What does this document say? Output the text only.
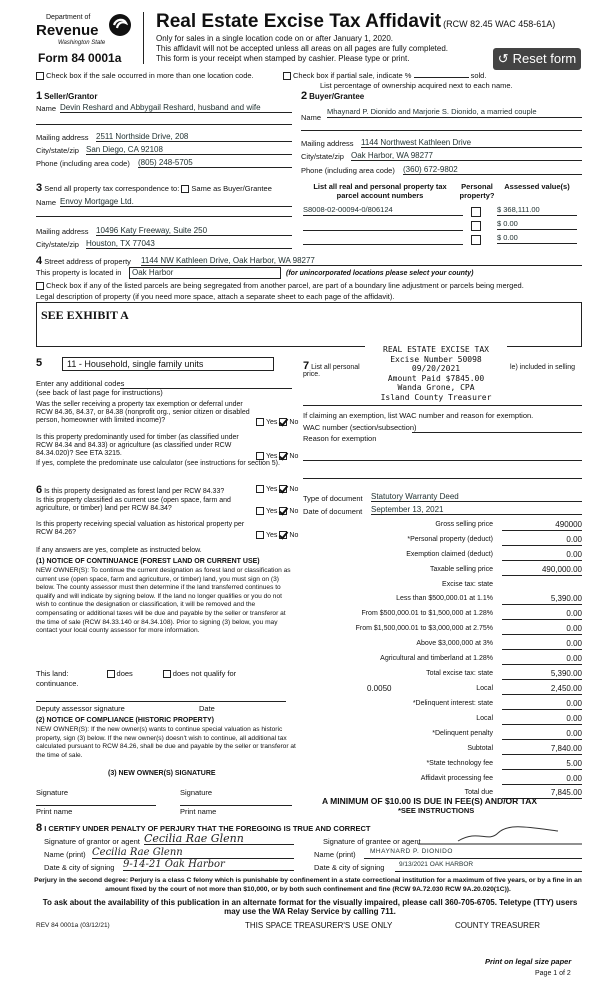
Department of
Revenue
Washington State
Form 84 0001a
Real Estate Excise Tax Affidavit (RCW 82.45 WAC 458-61A)
Only for sales in a single location code on or after January 1, 2020.
This affidavit will not be accepted unless all areas on all pages are fully completed.
This form is your receipt when stamped by cashier. Please type or print.	↺ Reset form
Check box if the sale occurred in more than one location code.	Check box if partial sale, indicate %	sold.
List percentage of ownership acquired next to each name.
1 Seller/Grantor
Name Devin Reshard and Abbygail Reshard, husband and wife
Mailing address 2511 Northside Drive, 208
City/state/zip San Diego, CA 92108
Phone (including area code) (805) 248-5705
2 Buyer/Grantee
Name
Mhaynard P. Dionido and Marjorie S. Dionido, a married couple
Mailing address 1144 Northwest Kathleen Drive
City/state/zip Oak Harbor, WA 98277
Phone (including area code) (360) 672-9802
3 Send all property tax correspondence to: Same as Buyer/Grantee
Name Envoy Mortgage Ltd.
Mailing address 10496 Katy Freeway, Suite 250
City/state/zip Houston, TX 77043
List all real and personal property tax parcel account numbers
Personal property?
Assessed value(s)
S8008-02-00094-0/806124	$ 368,111.00
$ 0.00
$ 0.00
4 Street address of property 1144 NW Kathleen Drive, Oak Harbor, WA 98277
This property is located in	Oak Harbor	(for unincorporated locations please select your county)
Check box if any of the listed parcels are being segregated from another parcel, are part of a boundary line adjustment or parcels being merged.
Legal description of property (if you need more space, attach a separate sheet to each page of the affidavit).
SEE EXHIBIT A
5	11 - Household, single family units
Enter any additional codes
(see back of last page for instructions)
Was the seller receiving a property tax exemption or deferral under RCW 84.36, 84.37, or 84.38 (nonprofit org., senior citizen or disabled person, homeowner with limited income)?	Yes No
Is this property predominantly used for timber (as classified under RCW 84.34 and 84.33) or agriculture (as classified under RCW 84.34.020)? See ETA 3215.	Yes No
If yes, complete the predominate use calculator (see instructions for section 5).
7 List all personal
price.
le) included in selling
REAL ESTATE EXCISE TAX
Excise Number 50098
09/20/2021
Amount Paid $7845.00
Wanda Grone, CPA
Island County Treasurer
If claiming an exemption, list WAC number and reason for exemption.
WAC number (section/subsection)
Reason for exemption
Type of document Statutory Warranty Deed
Date of document September 13, 2021
6 Is this property designated as forest land per RCW 84.33?	Yes No
Is this property classified as current use (open space, farm and agriculture, or timber) land per RCW 84.34?	Yes No
Is this property receiving special valuation as historical property per RCW 84.26?	Yes No
If any answers are yes, complete as instructed below.
(1) NOTICE OF CONTINUANCE (FOREST LAND OR CURRENT USE)
NEW OWNER(S): To continue the current designation as forest land or classification as current use (open space, farm and agriculture, or timber) land, you must sign on (3) below. The county assessor must then determine if the land transferred continues to qualify and will indicate by signing below. If the land no longer qualifies or you do not wish to continue the designation or classification, it will be removed and the compensating or additional taxes will be due and payable by the seller or transferor at the time of sale (RCW 84.33.140 or 84.34.108). Prior to signing (3) below, you may contact your local county assessor for more information.
This land:	does	does not qualify for
continuance.
Deputy assessor signature	Date
(2) NOTICE OF COMPLIANCE (HISTORIC PROPERTY)
NEW OWNER(S): If the new owner(s) wants to continue special valuation as historic property, sign (3) below. If the new owner(s) doesn't wish to continue, all additional tax calculated pursuant to RCW 84.26, shall be due and payable by the seller or transferor at the time of sale.
(3) NEW OWNER(S) SIGNATURE
Signature	Signature
Print name	Print name
Gross selling price	490000
*Personal property (deduct)	0.00
Exemption claimed (deduct)	0.00
Taxable selling price	490,000.00
Excise tax: state
Less than $500,000.01 at 1.1%	5,390.00
From $500,000.01 to $1,500,000 at 1.28%	0.00
From $1,500,000.01 to $3,000,000 at 2.75%	0.00
Above $3,000,000 at 3%	0.00
Agricultural and timberland at 1.28%	0.00
Total excise tax: state	5,390.00
Local	2,450.00
0.0050
*Delinquent interest: state	0.00
Local	0.00
*Delinquent penalty	0.00
Subtotal	7,840.00
*State technology fee	5.00
Affidavit processing fee	0.00
Total due	7,845.00
A MINIMUM OF $10.00 IS DUE IN FEE(S) AND/OR TAX
*SEE INSTRUCTIONS
8 I CERTIFY UNDER PENALTY OF PERJURY THAT THE FOREGOING IS TRUE AND CORRECT
Signature of grantor or agent Cecilia Rae Glenn
Name (print) Cecilia Rae Glenn
Date & city of signing 9-14-21 Oak Harbor
Signature of grantee or agent
Name (print)	MHAYNARD P. DIONIDO
Date & city of signing	9/13/2021 OAK HARBOR
Perjury in the second degree: Perjury is a class C felony which is punishable by confinement in a state correctional institution for a maximum of five years, or by a fine in an amount fixed by the court of not more than $10,000, or by both such confinement and fine (RCW 9A.72.030 RCW 9A.20.020(1C)).
To ask about the availability of this publication in an alternate format for the visually impaired, please call 360-705-6705. Teletype (TTY) users may use the WA Relay Service by calling 711.
REV 84 0001a (03/12/21)	THIS SPACE TREASURER'S USE ONLY	COUNTY TREASURER
Print on legal size paper
Page 1 of 2
